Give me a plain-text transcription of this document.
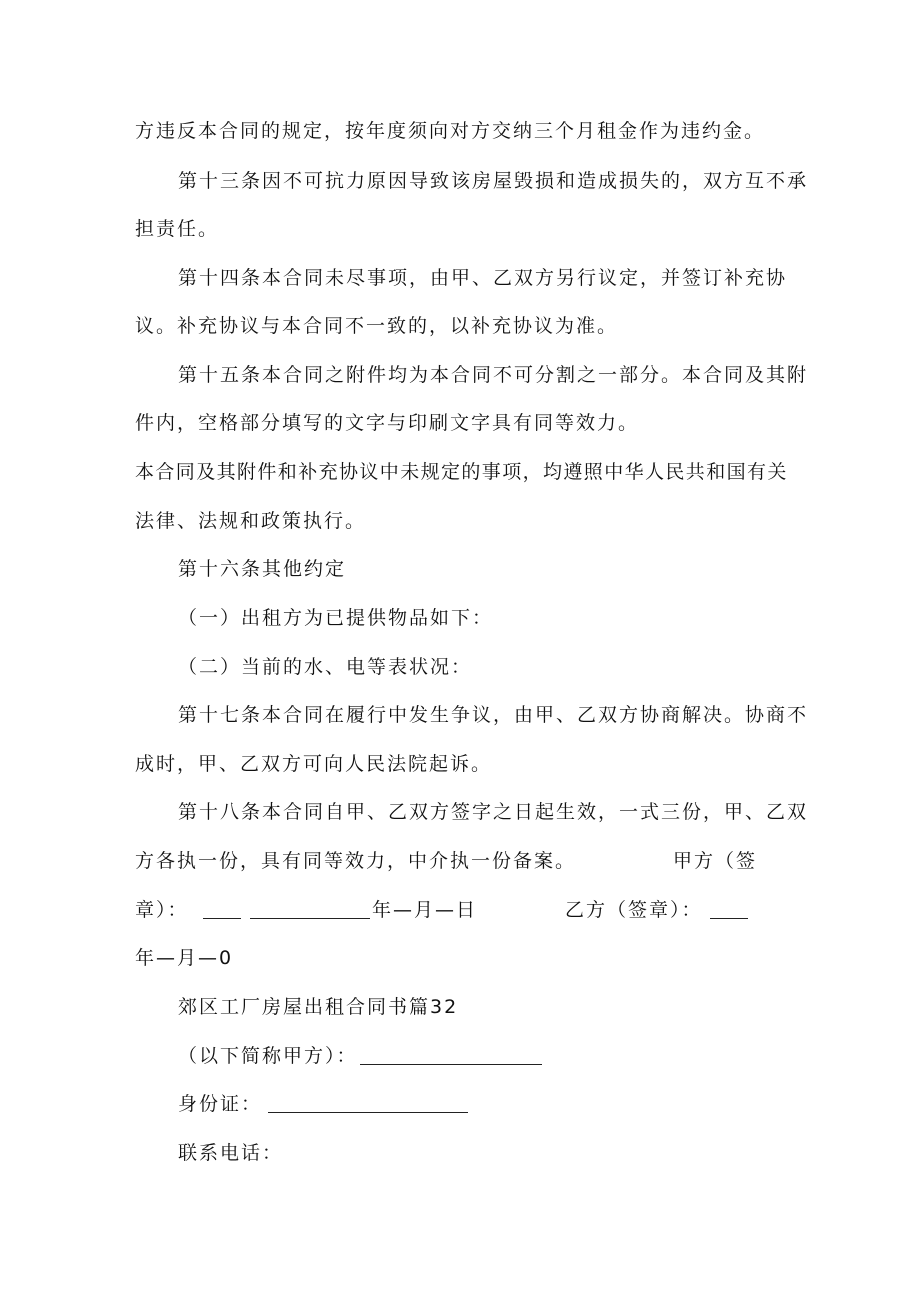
方违反本合同的规定，按年度须向对方交纳三个月租金作为违约金。
第十三条因不可抗力原因导致该房屋毁损和造成损失的，双方互不承
担责任。
第十四条本合同未尽事项，由甲、乙双方另行议定，并签订补充协
议。补充协议与本合同不一致的，以补充协议为准。
第十五条本合同之附件均为本合同不可分割之一部分。本合同及其附
件内，空格部分填写的文字与印刷文字具有同等效力。
本合同及其附件和补充协议中未规定的事项，均遵照中华人民共和国有关
法律、法规和政策执行。
第十六条其他约定
（一）出租方为已提供物品如下：
（二）当前的水、电等表状况：
第十七条本合同在履行中发生争议，由甲、乙双方协商解决。协商不
成时，甲、乙双方可向人民法院起诉。
第十八条本合同自甲、乙双方签字之日起生效，一式三份，甲、乙双
方各执一份，具有同等效力，中介执一份备案。	甲方（签
章）：	年—月—日	乙方（签章）：
年—月—0
郊区工厂房屋出租合同书篇32
（以下简称甲方）：
身份证：
联系电话：
